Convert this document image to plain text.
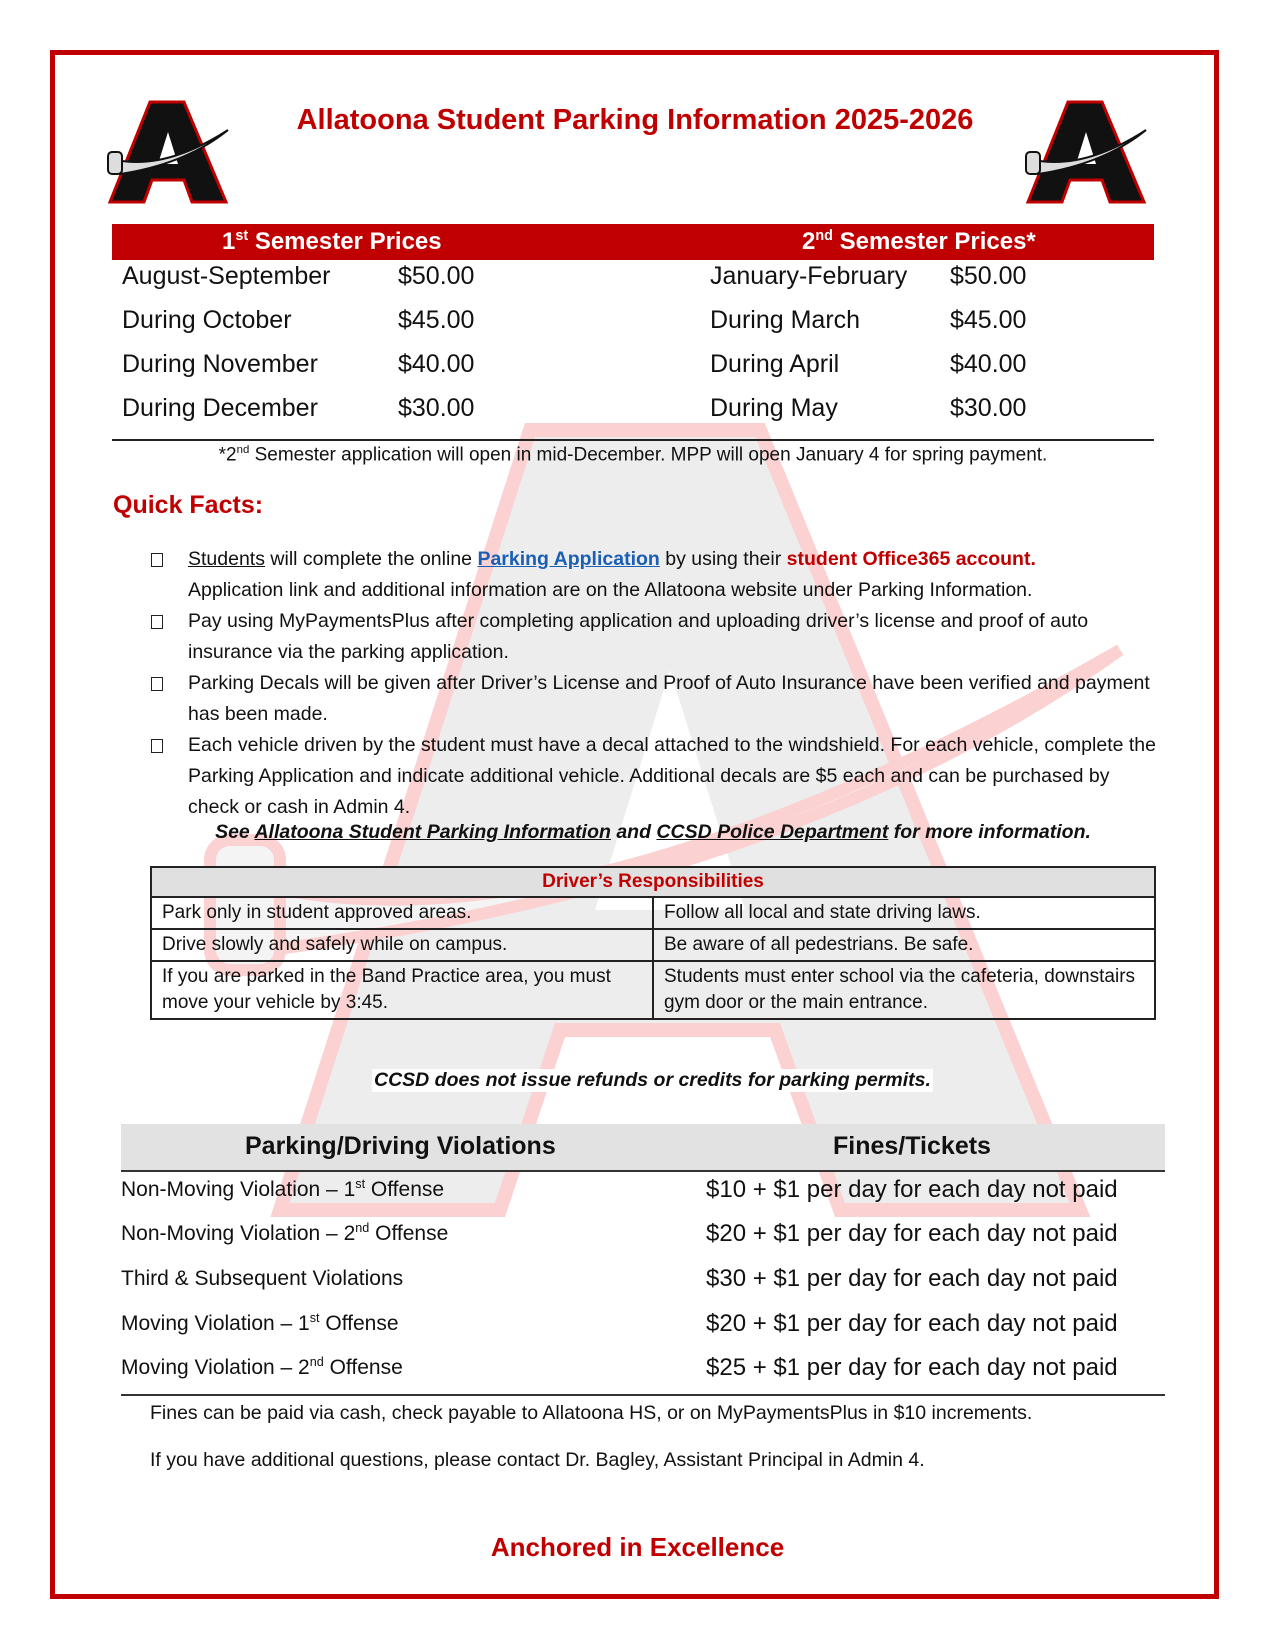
Allatoona Student Parking Information 2025-2026
1st Semester Prices	2nd Semester Prices*
August-September	$50.00
During October	$45.00
During November	$40.00
During December	$30.00
January-February $50.00
During March	$45.00
During April	$40.00
During May	$30.00
*2nd Semester application will open in mid-December. MPP will open January 4 for spring payment.
Quick Facts:
Students will complete the online Parking Application by using their student Office365 account.
Application link and additional information are on the Allatoona website under Parking Information.
Pay using MyPaymentsPlus after completing application and uploading driver’s license and proof of auto insurance via the parking application.
Parking Decals will be given after Driver’s License and Proof of Auto Insurance have been verified and payment has been made.
Each vehicle driven by the student must have a decal attached to the windshield. For each vehicle, complete the Parking Application and indicate additional vehicle. Additional decals are $5 each and can be purchased by check or cash in Admin 4.
See Allatoona Student Parking Information and CCSD Police Department for more information.
Driver’s Responsibilities	
Park only in student approved areas.	Follow all local and state driving laws.
Drive slowly and safely while on campus.	Be aware of all pedestrians. Be safe.
If you are parked in the Band Practice area, you must move your vehicle by 3:45.	Students must enter school via the cafeteria, downstairs gym door or the main entrance.
CCSD does not issue refunds or credits for parking permits.
Parking/Driving Violations	Fines/Tickets
Non-Moving Violation – 1st Offense	$10 + $1 per day for each day not paid
Non-Moving Violation – 2nd Offense	$20 + $1 per day for each day not paid
Third & Subsequent Violations	$30 + $1 per day for each day not paid
Moving Violation – 1st Offense	$20 + $1 per day for each day not paid
Moving Violation – 2nd Offense	$25 + $1 per day for each day not paid
Fines can be paid via cash, check payable to Allatoona HS, or on MyPaymentsPlus in $10 increments.
If you have additional questions, please contact Dr. Bagley, Assistant Principal in Admin 4.
Anchored in Excellence
